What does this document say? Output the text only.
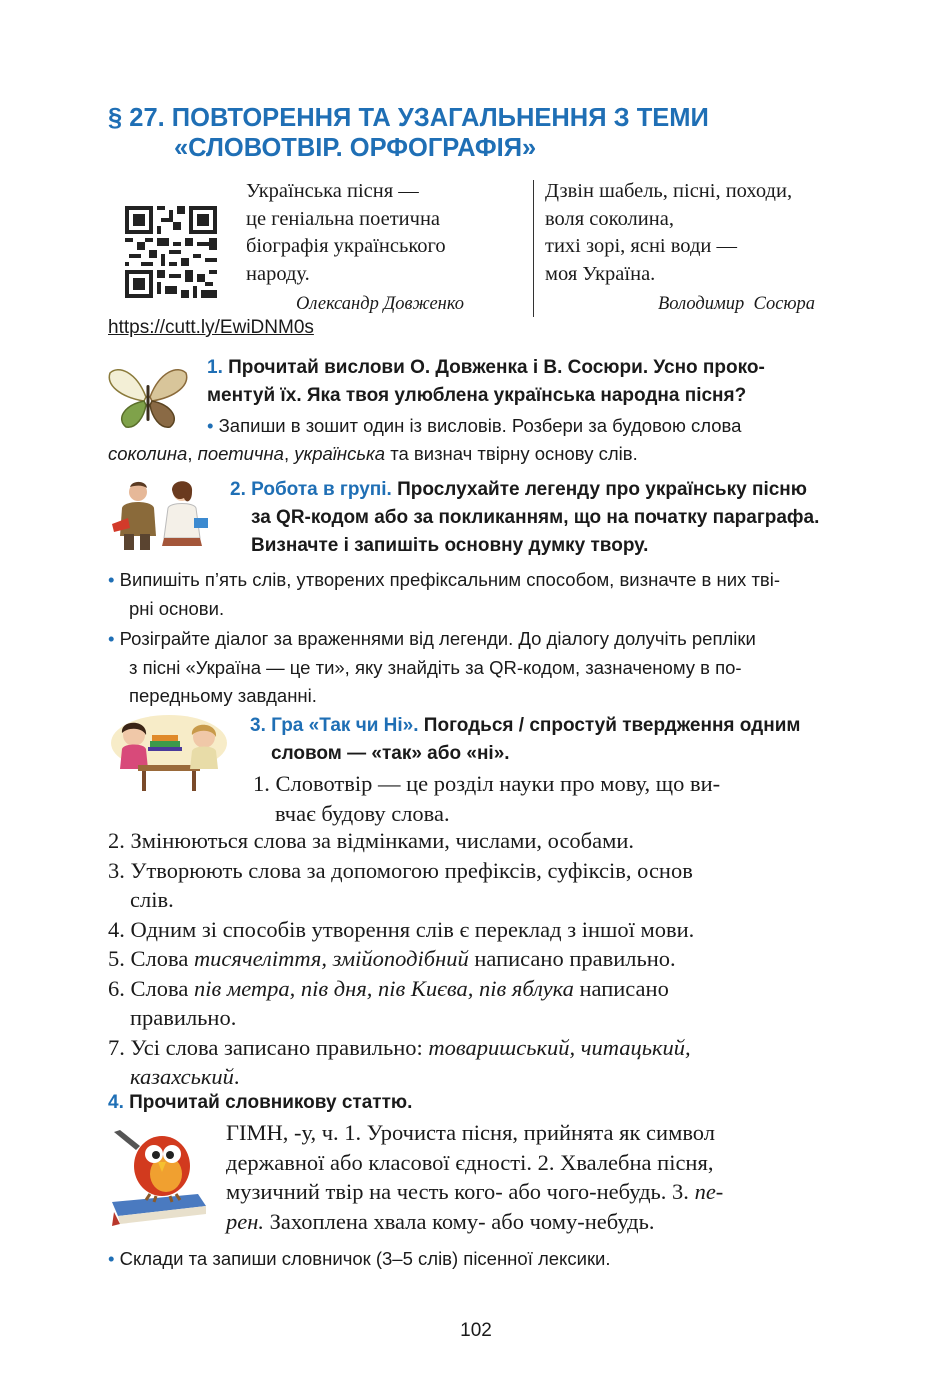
§ 27. ПОВТОРЕННЯ ТА УЗАГАЛЬНЕННЯ З ТЕМИ
«СЛОВОТВІР. ОРФОГРАФІЯ»
https://cutt.ly/EwiDNM0s
Українська пісня —
це геніальна поетична
біографія українського
народу.
Олександр Довженко
Дзвін шабель, пісні, походи,
воля соколина,
тихі зорі, ясні води —
моя Україна.
Володимир  Сосюра
1. Прочитай вислови О. Довженка і В. Сосюри. Усно проко-
ментуй їх. Яка твоя улюблена українська народна пісня?
• Запиши в зошит один із висловів. Розбери за будовою слова
соколина, поетична, українська та визнач твірну основу слів.
2. Робота в групі. Прослухайте легенду про українську пісню
за QR-кодом або за покликанням, що на початку параграфа.
Визначте і запишіть основну думку твору.
• Випишіть п’ять слів, утворених префіксальним способом, визначте в них тві-
рні основи.
• Розіграйте діалог за враженнями від легенди. До діалогу долучіть репліки
з пісні «Україна — це ти», яку знайдіть за QR-кодом, зазначеному в по-
передньому завданні.
3. Гра «Так чи Ні». Погодься / спростуй твердження одним
словом — «так» або «ні».
1. Словотвір — це розділ науки про мову, що ви-
вчає будову слова.
2. Змінюються слова за відмінками, числами, особами.
3. Утворюють слова за допомогою префіксів, суфіксів, основ
слів.
4. Одним зі способів утворення слів є переклад з іншої мови.
5. Слова тисячеліття, змійоподібний написано правильно.
6. Слова пів метра, пів дня, пів Києва, пів яблука написано
правильно.
7. Усі слова записано правильно: товаришський, читацький,
казахський.
4. Прочитай словникову статтю.
ГІМН, -у, ч. 1. Урочиста пісня, прийнята як символ
державної або класової єдності. 2. Хвалебна пісня,
музичний твір на честь кого- або чого-небудь. 3. пе-
рен. Захоплена хвала кому- або чому-небудь.
• Склади та запиши словничок (3–5 слів) пісенної лексики.
102
